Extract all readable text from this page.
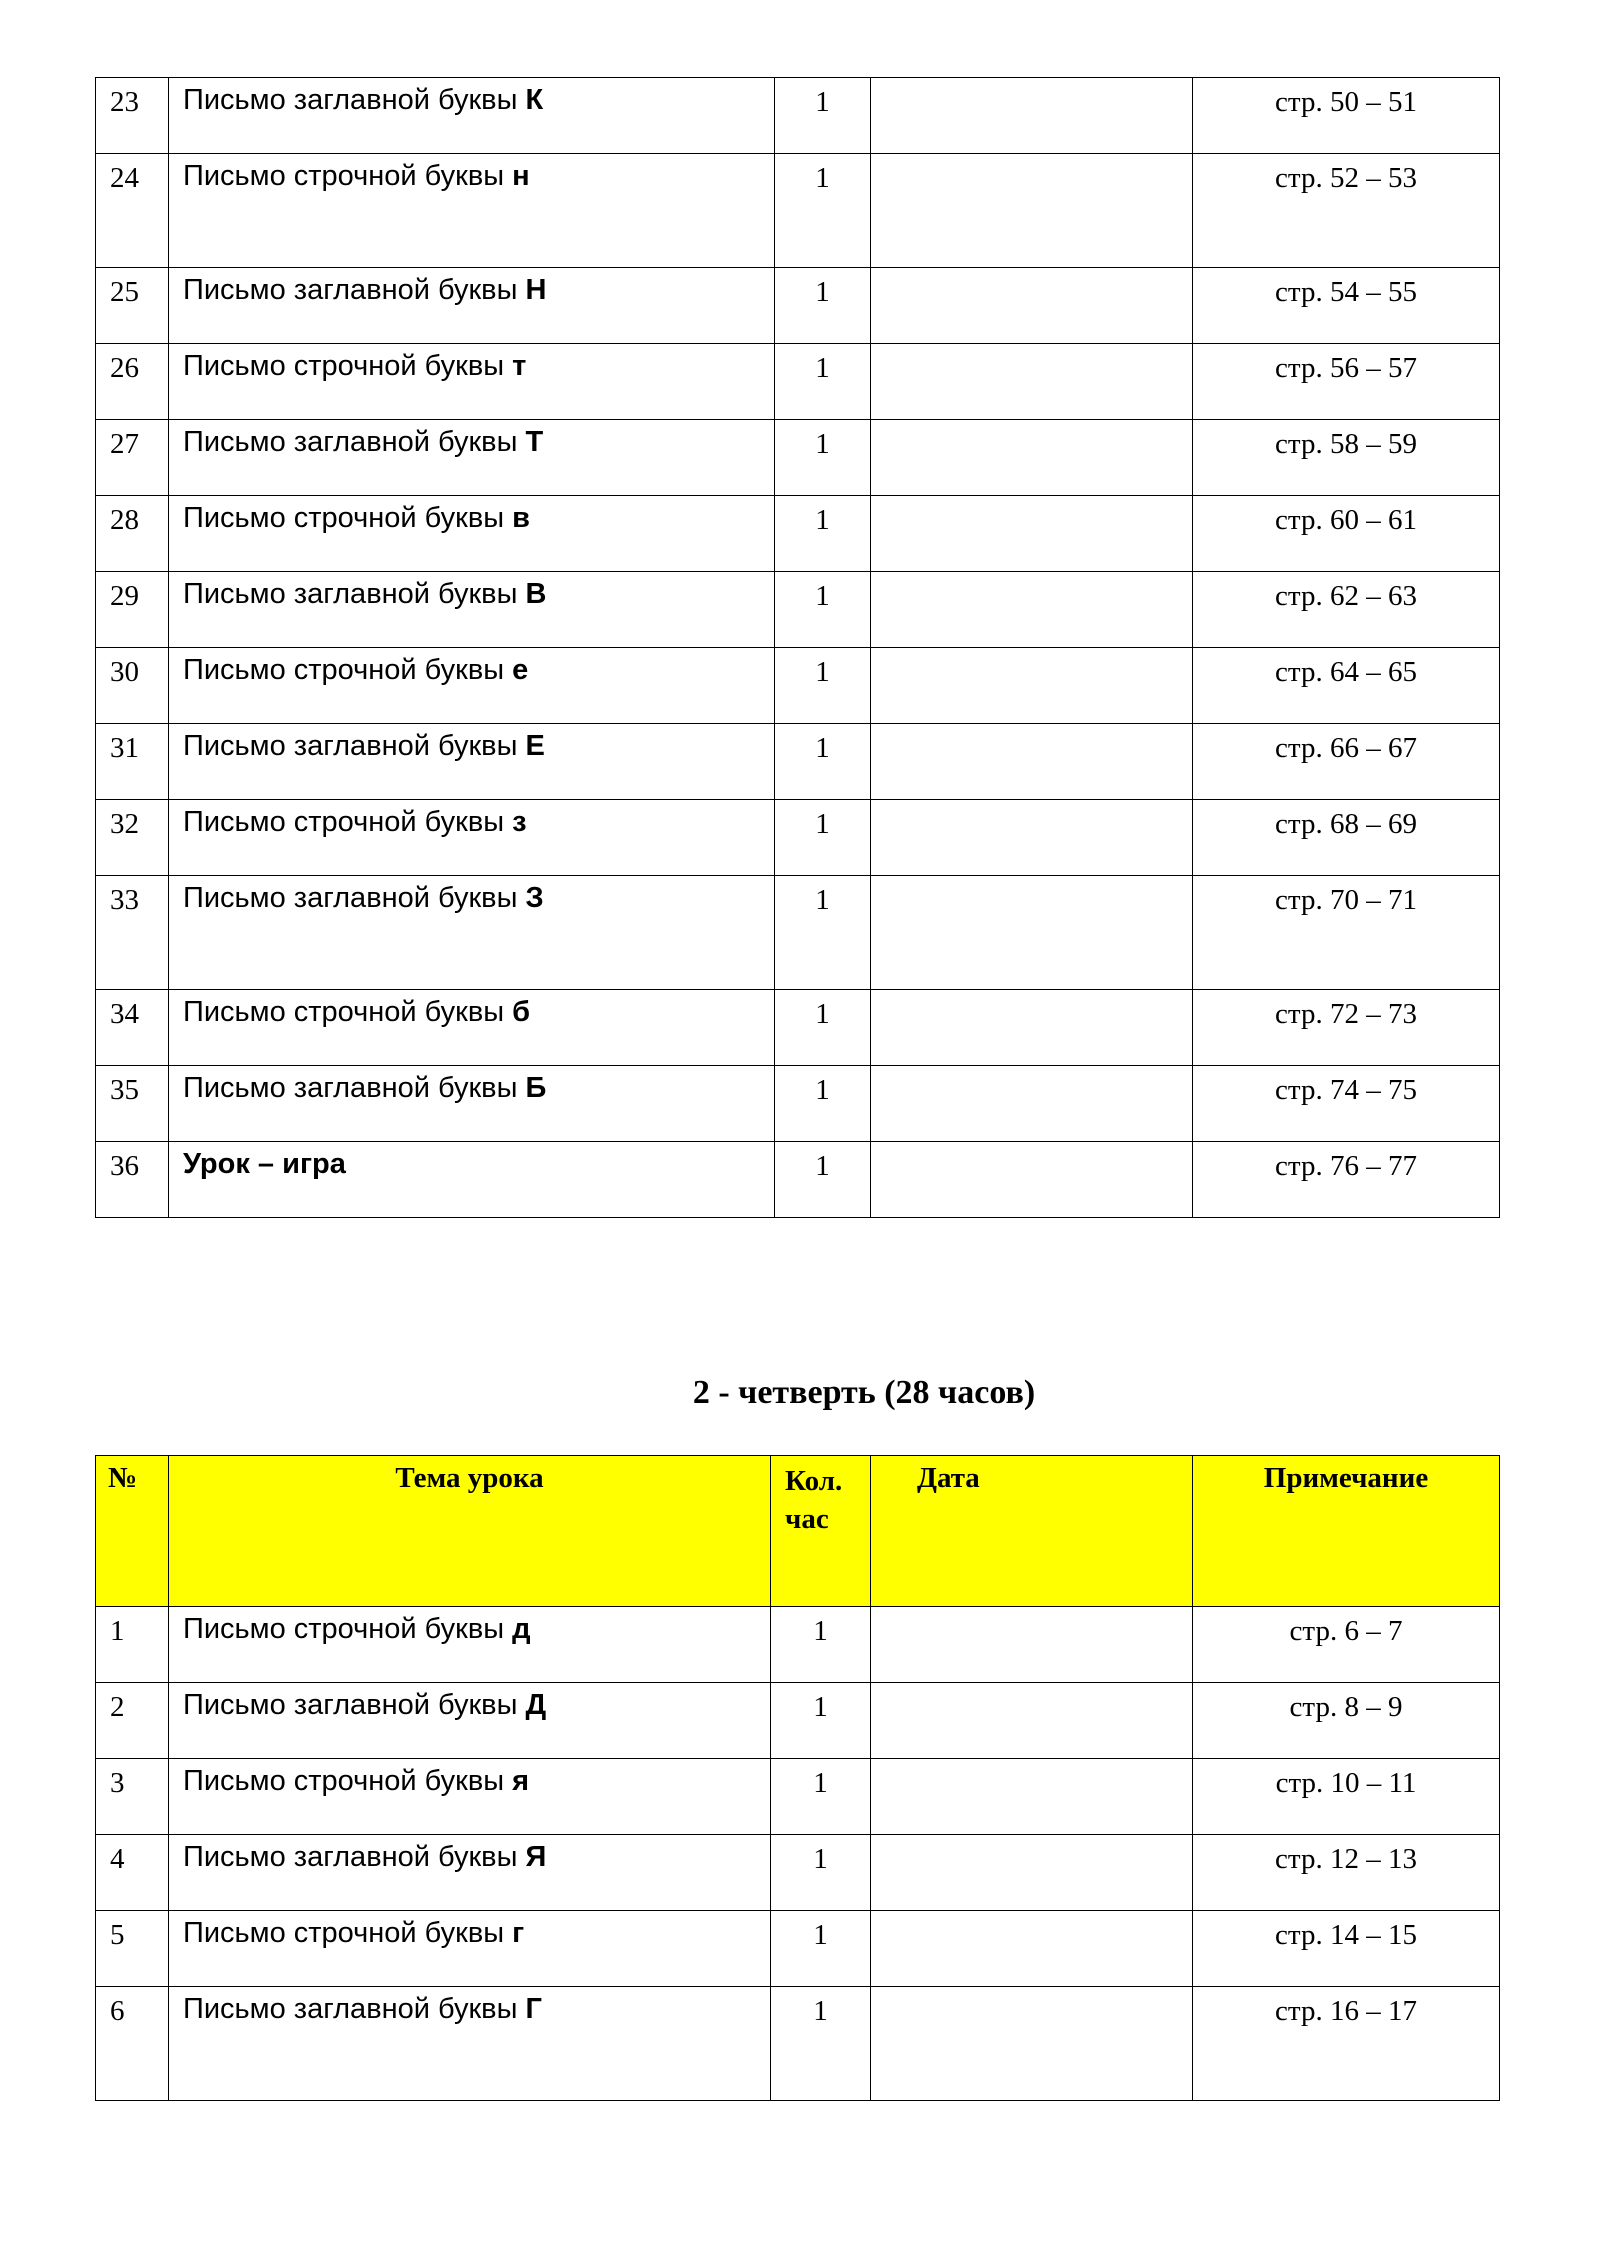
23	Письмо заглавной буквы К	1		стр. 50 – 51
24	Письмо строчной буквы н	1		стр. 52 – 53
25	Письмо заглавной буквы Н	1		стр. 54 – 55
26	Письмо строчной буквы т	1		стр. 56 – 57
27	Письмо заглавной буквы Т	1		стр. 58 – 59
28	Письмо строчной буквы в	1		стр. 60 – 61
29	Письмо заглавной буквы В	1		стр. 62 – 63
30	Письмо строчной буквы е	1		стр. 64 – 65
31	Письмо заглавной буквы Е	1		стр. 66 – 67
32	Письмо строчной буквы з	1		стр. 68 – 69
33	Письмо заглавной буквы З	1		стр. 70 – 71
34	Письмо строчной буквы б	1		стр. 72 – 73
35	Письмо заглавной буквы Б	1		стр. 74 – 75
36	Урок – игра	1		стр. 76 – 77
2 - четверть (28 часов)
№	Тема урока	Кол. час	Дата	Примечание
1	Письмо строчной буквы д	1		стр. 6 – 7
2	Письмо заглавной буквы Д	1		стр. 8 – 9
3	Письмо строчной буквы я	1		стр. 10 – 11
4	Письмо заглавной буквы Я	1		стр. 12 – 13
5	Письмо строчной буквы г	1		стр. 14 – 15
6	Письмо заглавной буквы Г	1		стр. 16 – 17
